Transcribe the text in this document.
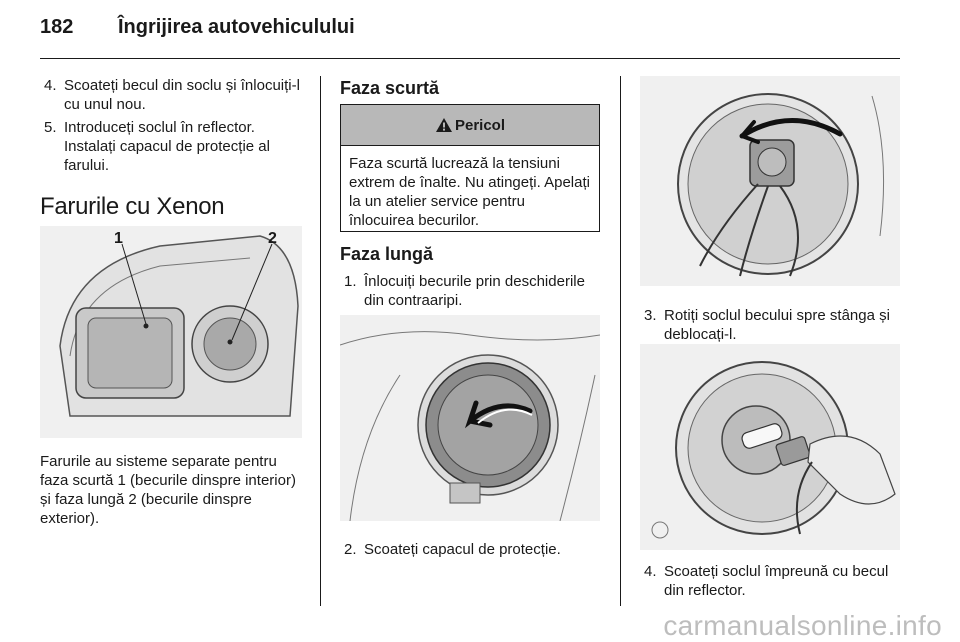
182 Îngrijirea autovehiculului
4. Scoateți becul din soclu și înlocuiți-l cu unul nou.
5. Introduceți soclul în reflector. Instalați capacul de protecție al farului.
Farurile cu Xenon
1	2
Farurile au sisteme separate pentru faza scurtă 1 (becurile dinspre interior) și faza lungă 2 (becurile dinspre exterior).
Faza scurtă
Pericol
Faza scurtă lucrează la tensiuni extrem de înalte. Nu atingeți. Apelați la un atelier service pentru înlocuirea becurilor.
Faza lungă
1. Înlocuiți becurile prin deschiderile din contraaripi.
2. Scoateți capacul de protecție.
3. Rotiți soclul becului spre stânga și deblocați-l.
4. Scoateți soclul împreună cu becul din reflector.
carmanualsonline.info
